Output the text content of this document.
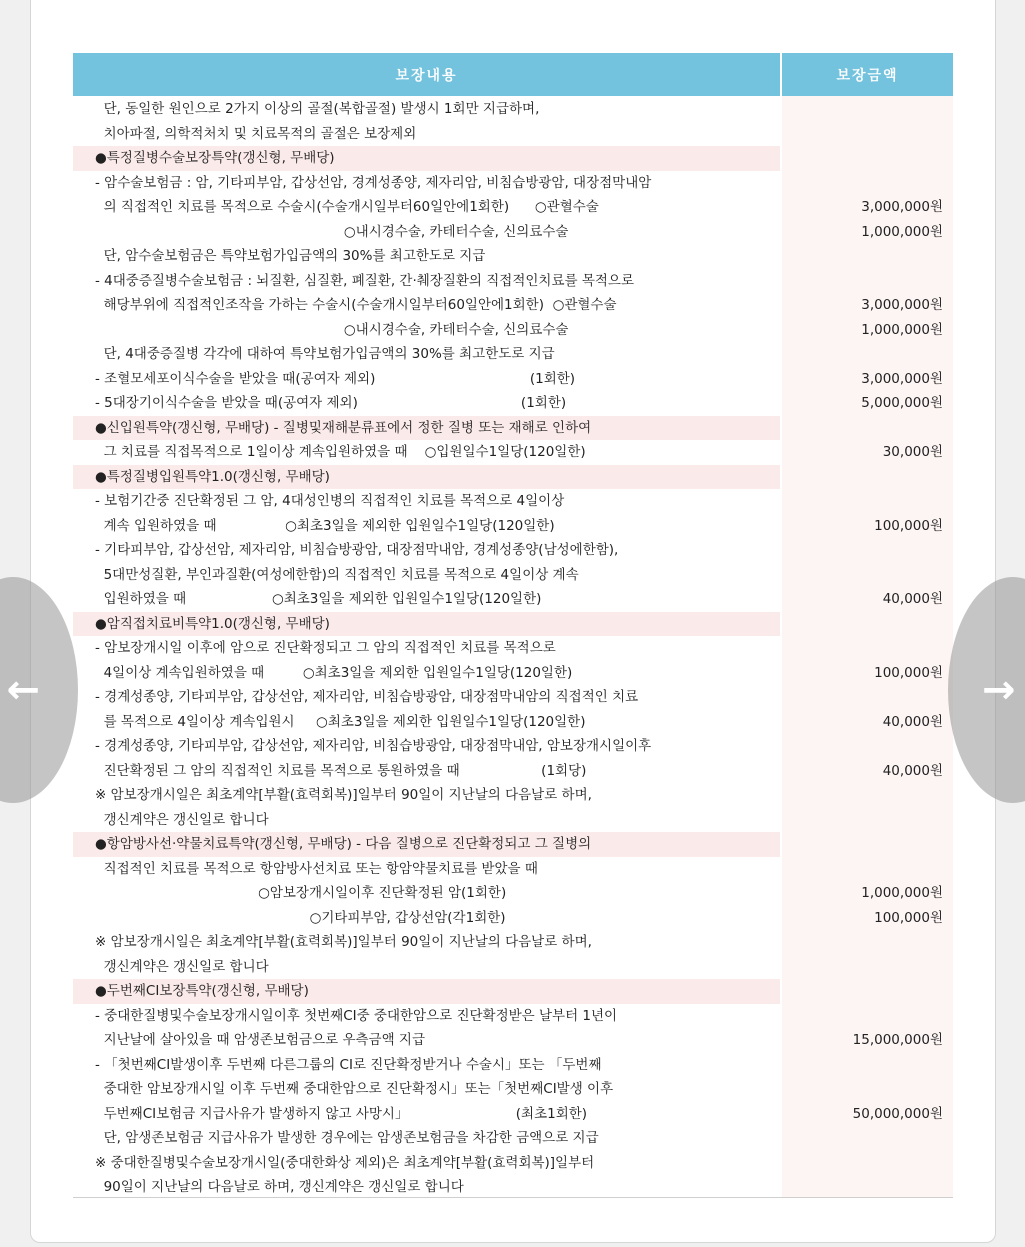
보장내용	보장금액
단, 동일한 원인으로 2가지 이상의 골절(복합골절) 발생시 1회만 지급하며,
치아파절, 의학적처치 및 치료목적의 골절은 보장제외
●특정질병수술보장특약(갱신형, 무배당)
- 암수술보험금 : 암, 기타피부암, 갑상선암, 경계성종양, 제자리암, 비침습방광암, 대장점막내암
의 직접적인 치료를 목적으로 수술시(수술개시일부터60일안에1회한)      ○관혈수술	3,000,000원
○내시경수술, 카테터수술, 신의료수술	1,000,000원
단, 암수술보험금은 특약보험가입금액의 30%를 최고한도로 지급
- 4대중증질병수술보험금 : 뇌질환, 심질환, 폐질환, 간·췌장질환의 직접적인치료를 목적으로
해당부위에 직접적인조작을 가하는 수술시(수술개시일부터60일안에1회한)  ○관혈수술	3,000,000원
○내시경수술, 카테터수술, 신의료수술	1,000,000원
단, 4대중증질병 각각에 대하여 특약보험가입금액의 30%를 최고한도로 지급
- 조혈모세포이식수술을 받았을 때(공여자 제외)                                    (1회한)	3,000,000원
- 5대장기이식수술을 받았을 때(공여자 제외)                                      (1회한)	5,000,000원
●신입원특약(갱신형, 무배당) - 질병및재해분류표에서 정한 질병 또는 재해로 인하여
그 치료를 직접목적으로 1일이상 계속입원하였을 때    ○입원일수1일당(120일한)	30,000원
●특정질병입원특약1.0(갱신형, 무배당)
- 보험기간중 진단확정된 그 암, 4대성인병의 직접적인 치료를 목적으로 4일이상
계속 입원하였을 때                ○최초3일을 제외한 입원일수1일당(120일한)	100,000원
- 기타피부암, 갑상선암, 제자리암, 비침습방광암, 대장점막내암, 경계성종양(남성에한함),
5대만성질환, 부인과질환(여성에한함)의 직접적인 치료를 목적으로 4일이상 계속
입원하였을 때                    ○최초3일을 제외한 입원일수1일당(120일한)	40,000원
●암직접치료비특약1.0(갱신형, 무배당)
- 암보장개시일 이후에 암으로 진단확정되고 그 암의 직접적인 치료를 목적으로
4일이상 계속입원하였을 때         ○최초3일을 제외한 입원일수1일당(120일한)	100,000원
- 경계성종양, 기타피부암, 갑상선암, 제자리암, 비침습방광암, 대장점막내암의 직접적인 치료
를 목적으로 4일이상 계속입원시     ○최초3일을 제외한 입원일수1일당(120일한)	40,000원
- 경계성종양, 기타피부암, 갑상선암, 제자리암, 비침습방광암, 대장점막내암, 암보장개시일이후
진단확정된 그 암의 직접적인 치료를 목적으로 통원하였을 때                   (1회당)	40,000원
※ 암보장개시일은 최초계약[부활(효력회복)]일부터 90일이 지난날의 다음날로 하며,
갱신계약은 갱신일로 합니다
●항암방사선·약물치료특약(갱신형, 무배당) - 다음 질병으로 진단확정되고 그 질병의
직접적인 치료를 목적으로 항암방사선치료 또는 항암약물치료를 받았을 때
○암보장개시일이후 진단확정된 암(1회한)	1,000,000원
○기타피부암, 갑상선암(각1회한)	100,000원
※ 암보장개시일은 최초계약[부활(효력회복)]일부터 90일이 지난날의 다음날로 하며,
갱신계약은 갱신일로 합니다
●두번째CI보장특약(갱신형, 무배당)
- 중대한질병및수술보장개시일이후 첫번째CI중 중대한암으로 진단확정받은 날부터 1년이
지난날에 살아있을 때 암생존보험금으로 우측금액 지급	15,000,000원
- 「첫번째CI발생이후 두번째 다른그룹의 CI로 진단확정받거나 수술시」또는 「두번째
중대한 암보장개시일 이후 두번째 중대한암으로 진단확정시」또는「첫번째CI발생 이후
두번째CI보험금 지급사유가 발생하지 않고 사망시」                         (최초1회한)	50,000,000원
단, 암생존보험금 지급사유가 발생한 경우에는 암생존보험금을 차감한 금액으로 지급
※ 중대한질병및수술보장개시일(중대한화상 제외)은 최초계약[부활(효력회복)]일부터
90일이 지난날의 다음날로 하며, 갱신계약은 갱신일로 합니다
←	→
